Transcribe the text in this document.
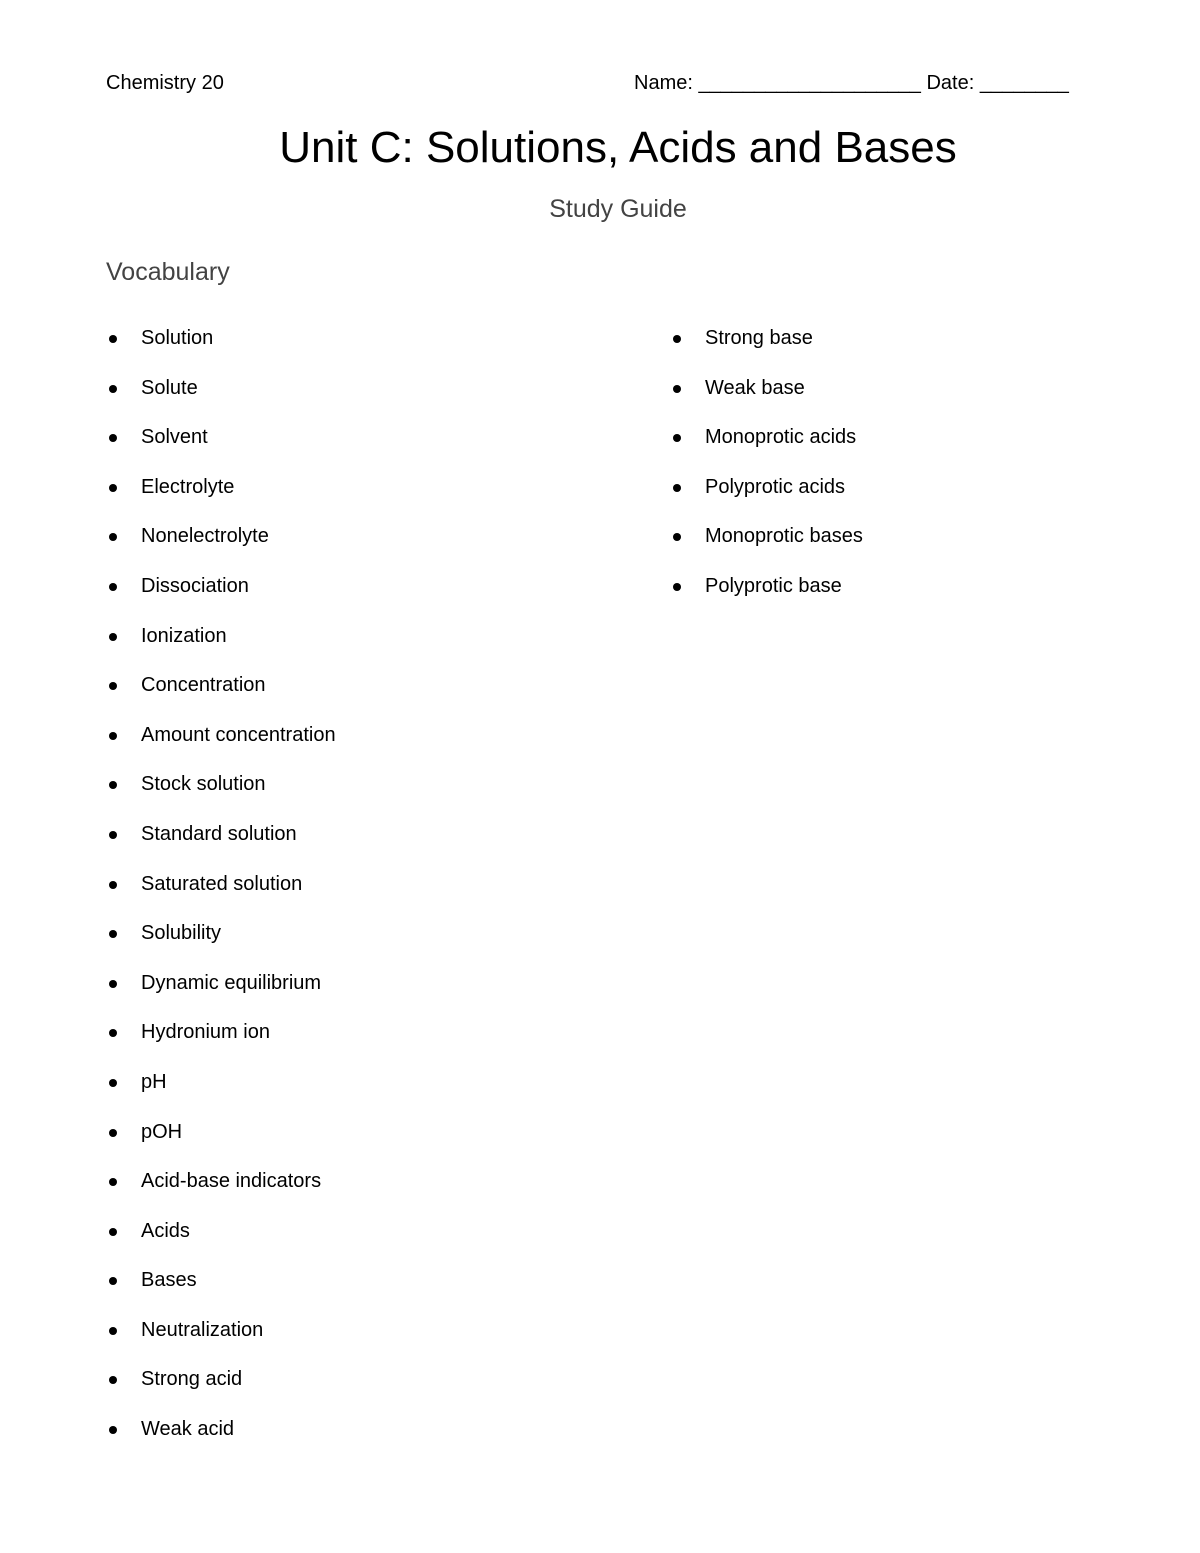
Chemistry 20	Name: ____________________ Date: ________
Unit C: Solutions, Acids and Bases
Study Guide
Vocabulary
Solution
Solute
Solvent
Electrolyte
Nonelectrolyte
Dissociation
Ionization
Concentration
Amount concentration
Stock solution
Standard solution
Saturated solution
Solubility
Dynamic equilibrium
Hydronium ion
pH
pOH
Acid-base indicators
Acids
Bases
Neutralization
Strong acid
Weak acid
Strong base
Weak base
Monoprotic acids
Polyprotic acids
Monoprotic bases
Polyprotic base
